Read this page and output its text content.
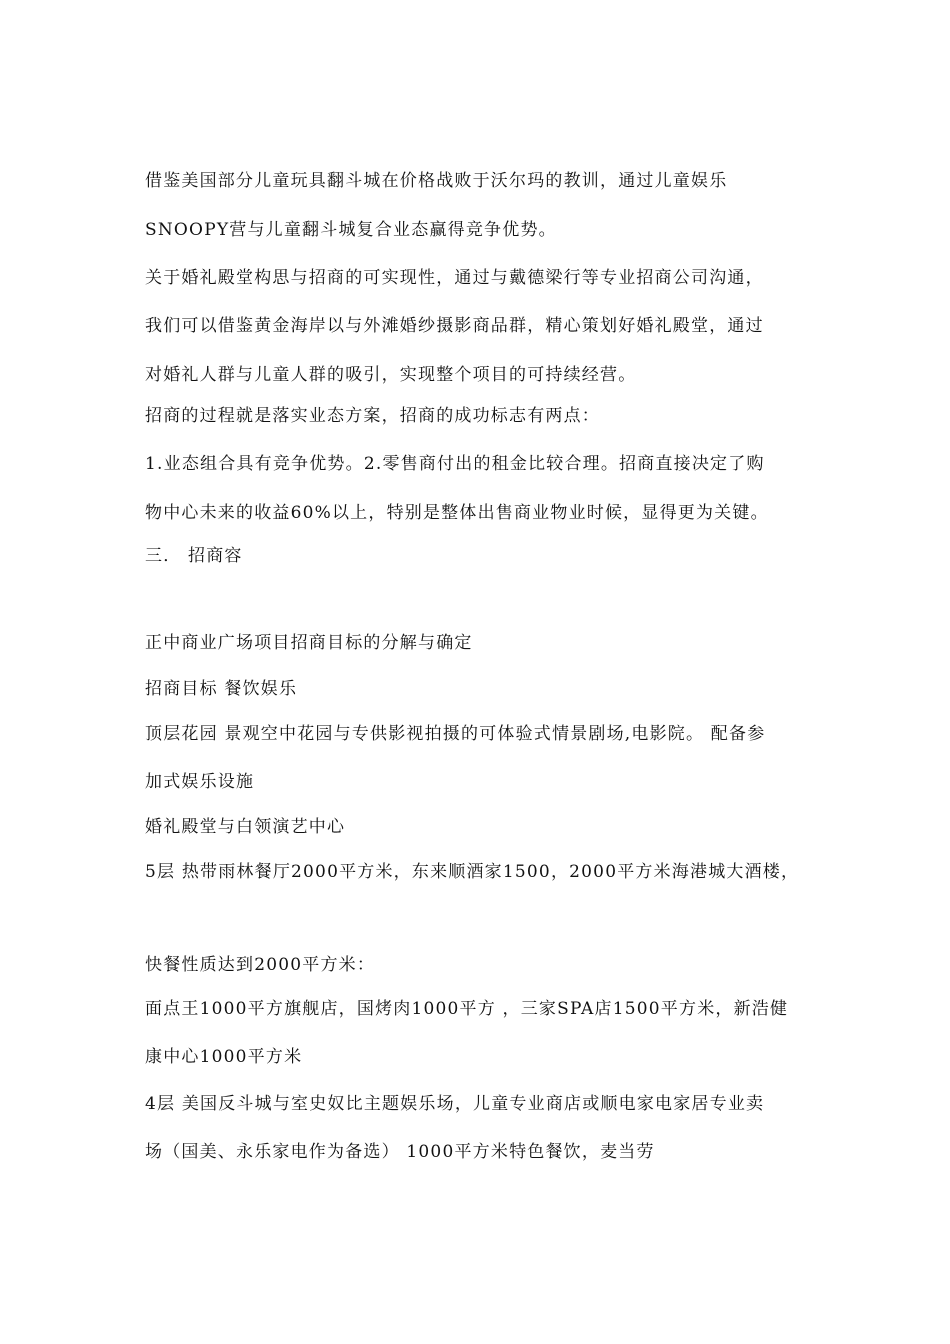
借鉴美国部分儿童玩具翻斗城在价格战败于沃尔玛的教训，通过儿童娱乐
SNOOPY营与儿童翻斗城复合业态赢得竞争优势。
关于婚礼殿堂构思与招商的可实现性，通过与戴德梁行等专业招商公司沟通，
我们可以借鉴黄金海岸以与外滩婚纱摄影商品群，精心策划好婚礼殿堂，通过
对婚礼人群与儿童人群的吸引，实现整个项目的可持续经营。
招商的过程就是落实业态方案，招商的成功标志有两点：
1.业态组合具有竞争优势。2.零售商付出的租金比较合理。招商直接决定了购
物中心未来的收益60%以上，特别是整体出售商业物业时候，显得更为关键。
三． 招商容
正中商业广场项目招商目标的分解与确定
招商目标 餐饮娱乐
顶层花园 景观空中花园与专供影视拍摄的可体验式情景剧场,电影院。 配备参
加式娱乐设施
婚礼殿堂与白领演艺中心
5层 热带雨林餐厅2000平方米，东来顺酒家1500，2000平方米海港城大酒楼，
快餐性质达到2000平方米：
面点王1000平方旗舰店，国烤肉1000平方 ，三家SPA店1500平方米，新浩健
康中心1000平方米
4层 美国反斗城与室史奴比主题娱乐场，儿童专业商店或顺电家电家居专业卖
场（国美、永乐家电作为备选） 1000平方米特色餐饮，麦当劳
